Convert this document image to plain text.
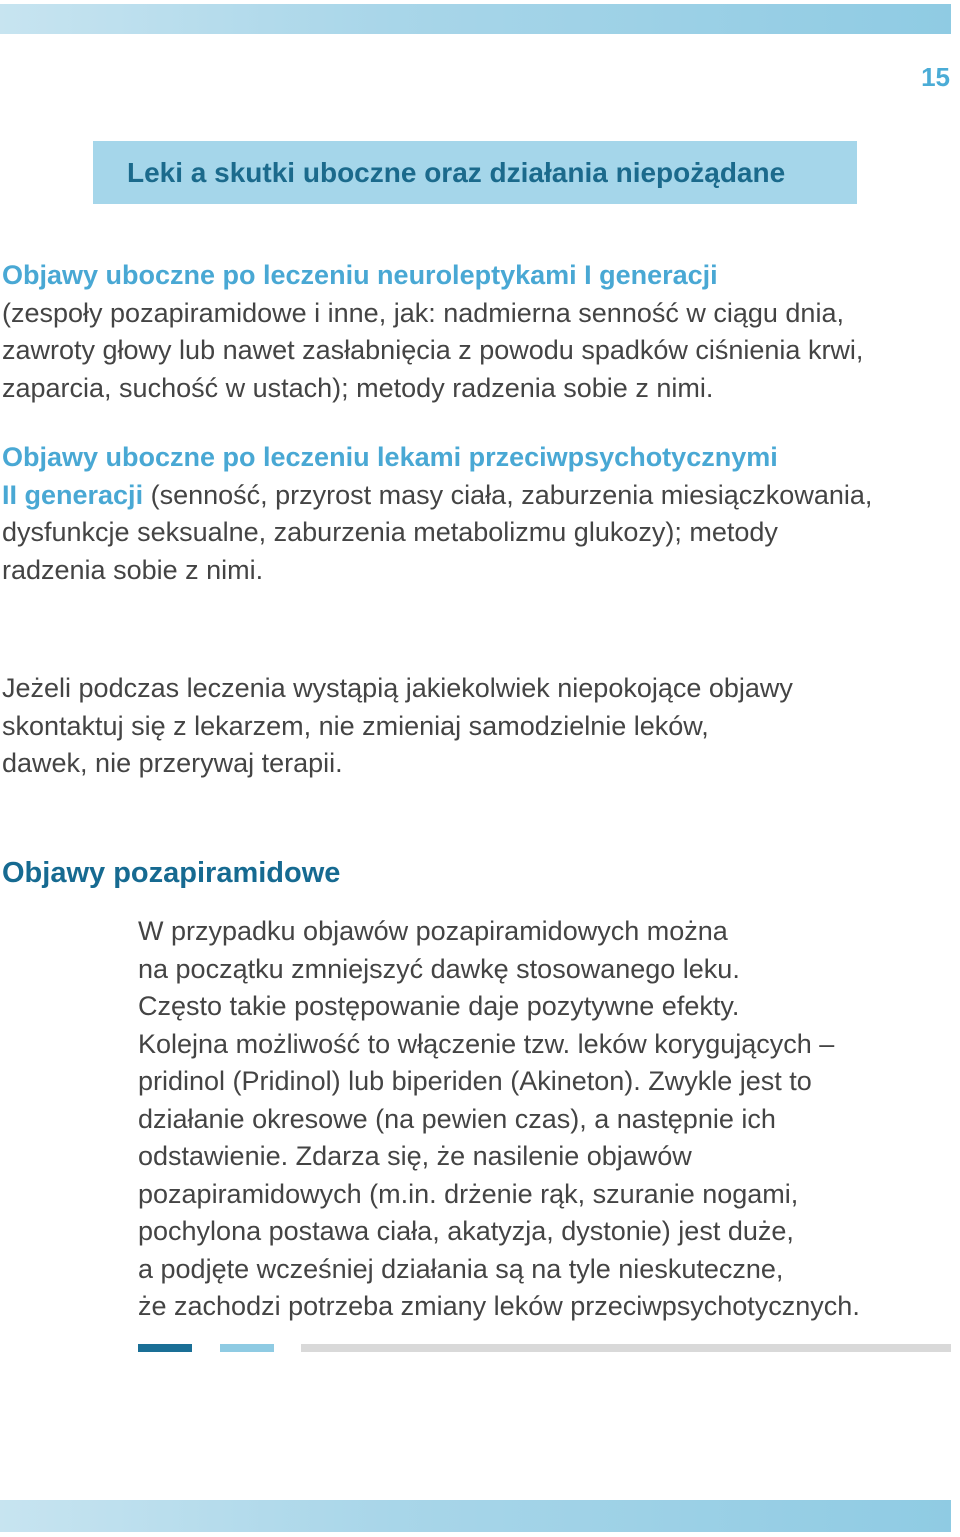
15
Leki a skutki uboczne oraz działania niepożądane
Objawy uboczne po leczeniu neuroleptykami I generacji
(zespoły pozapiramidowe i inne, jak: nadmierna senność w ciągu dnia,
zawroty głowy lub nawet zasłabnięcia z powodu spadków ciśnienia krwi,
zaparcia, suchość w ustach); metody radzenia sobie z nimi.
Objawy uboczne po leczeniu lekami przeciwpsychotycznymi
II generacji (senność, przyrost masy ciała, zaburzenia miesiączkowania,
dysfunkcje seksualne, zaburzenia metabolizmu glukozy); metody
radzenia sobie z nimi.
Jeżeli podczas leczenia wystąpią jakiekolwiek niepokojące objawy
skontaktuj się z lekarzem, nie zmieniaj samodzielnie leków,
dawek, nie przerywaj terapii.
Objawy pozapiramidowe
W przypadku objawów pozapiramidowych można
na początku zmniejszyć dawkę stosowanego leku.
Często takie postępowanie daje pozytywne efekty.
Kolejna możliwość to włączenie tzw. leków korygujących –
pridinol (Pridinol) lub biperiden (Akineton). Zwykle jest to
działanie okresowe (na pewien czas), a następnie ich
odstawienie. Zdarza się, że nasilenie objawów
pozapiramidowych (m.in. drżenie rąk, szuranie nogami,
pochylona postawa ciała, akatyzja, dystonie) jest duże,
a podjęte wcześniej działania są na tyle nieskuteczne,
że zachodzi potrzeba zmiany leków przeciwpsychotycznych.
